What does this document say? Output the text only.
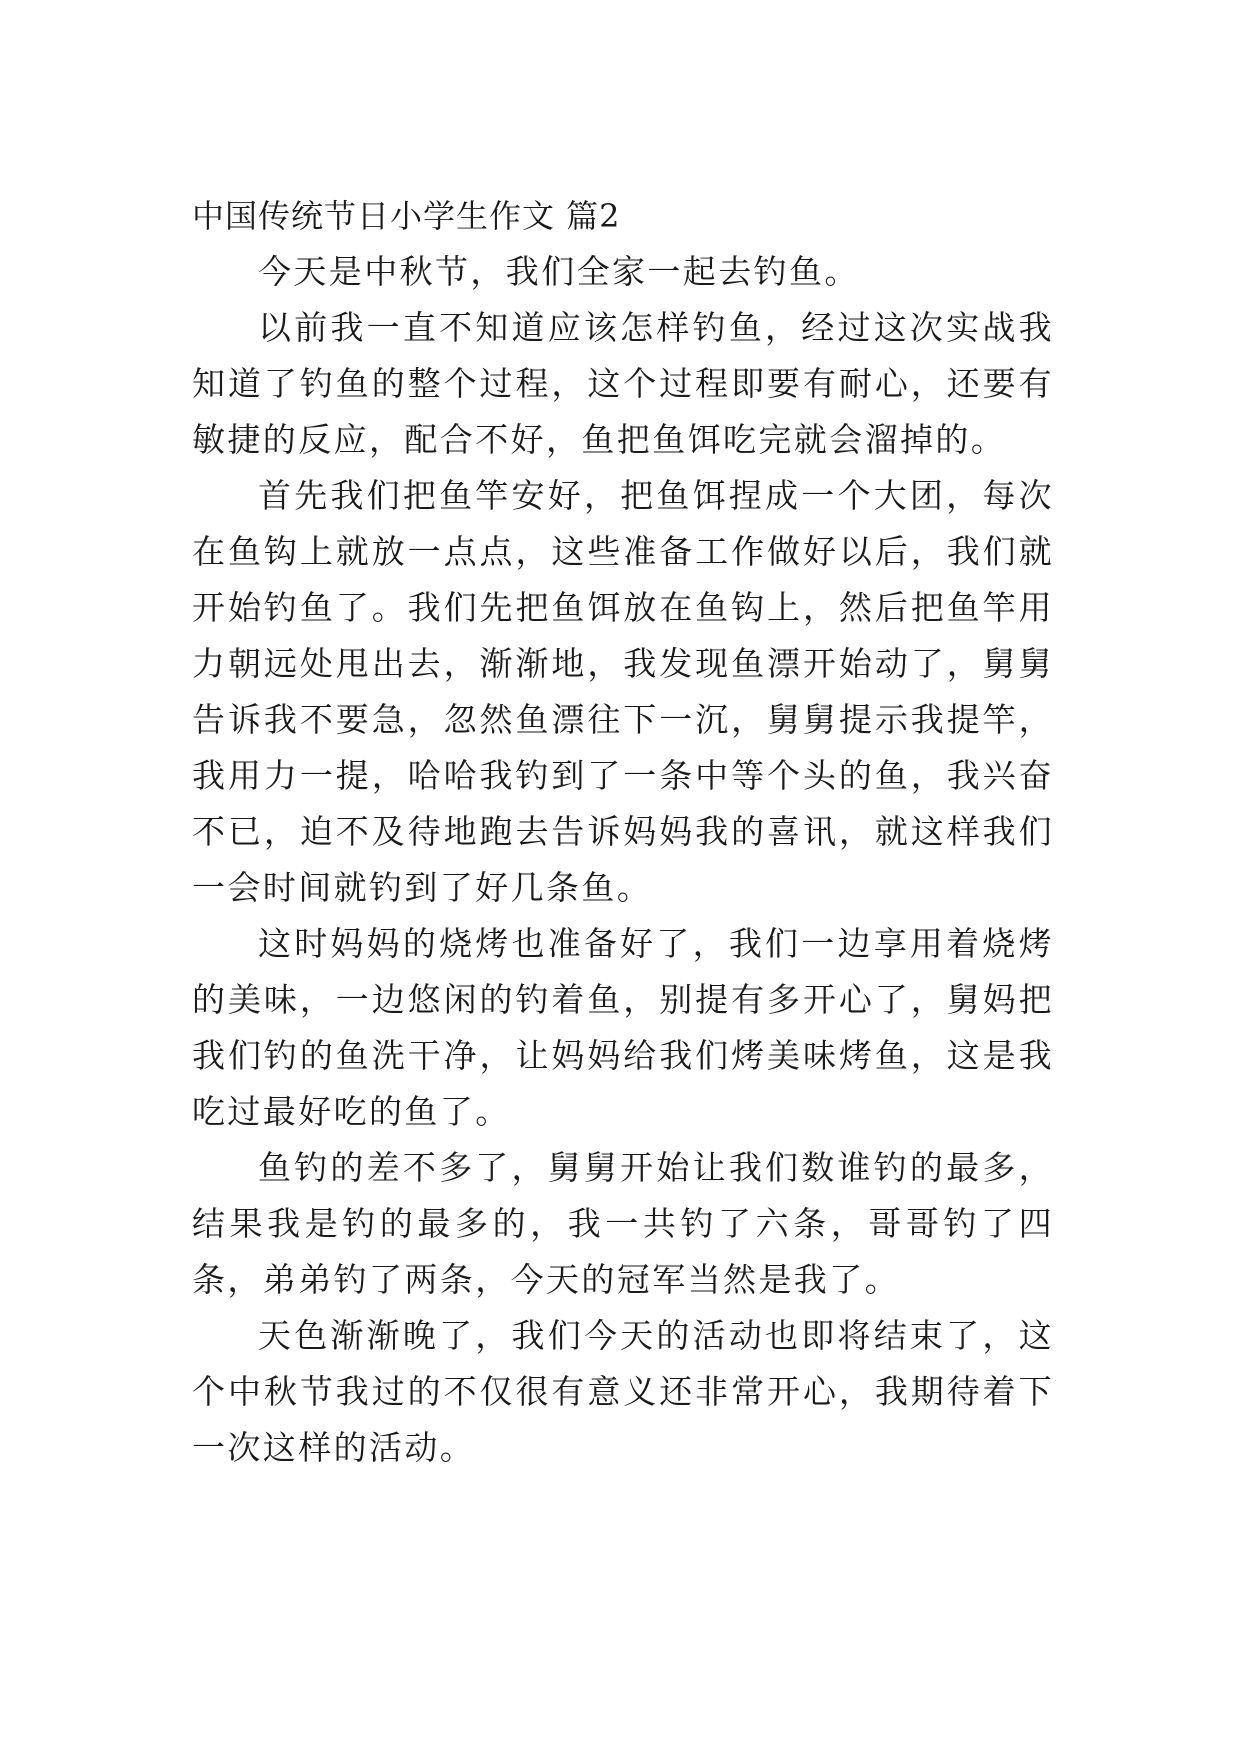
中国传统节日小学生作文 篇2

今天是中秋节，我们全家一起去钓鱼。

以前我一直不知道应该怎样钓鱼，经过这次实战我知道了钓鱼的整个过程，这个过程即要有耐心，还要有敏捷的反应，配合不好，鱼把鱼饵吃完就会溜掉的。

首先我们把鱼竿安好，把鱼饵捏成一个大团，每次在鱼钩上就放一点点，这些准备工作做好以后，我们就开始钓鱼了。我们先把鱼饵放在鱼钩上，然后把鱼竿用力朝远处甩出去，渐渐地，我发现鱼漂开始动了，舅舅告诉我不要急，忽然鱼漂往下一沉，舅舅提示我提竿，我用力一提，哈哈我钓到了一条中等个头的鱼，我兴奋不已，迫不及待地跑去告诉妈妈我的喜讯，就这样我们一会时间就钓到了好几条鱼。

这时妈妈的烧烤也准备好了，我们一边享用着烧烤的美味，一边悠闲的钓着鱼，别提有多开心了，舅妈把我们钓的鱼洗干净，让妈妈给我们烤美味烤鱼，这是我吃过最好吃的鱼了。

鱼钓的差不多了，舅舅开始让我们数谁钓的最多，结果我是钓的最多的，我一共钓了六条，哥哥钓了四条，弟弟钓了两条，今天的冠军当然是我了。

天色渐渐晚了，我们今天的活动也即将结束了，这个中秋节我过的不仅很有意义还非常开心，我期待着下一次这样的活动。
